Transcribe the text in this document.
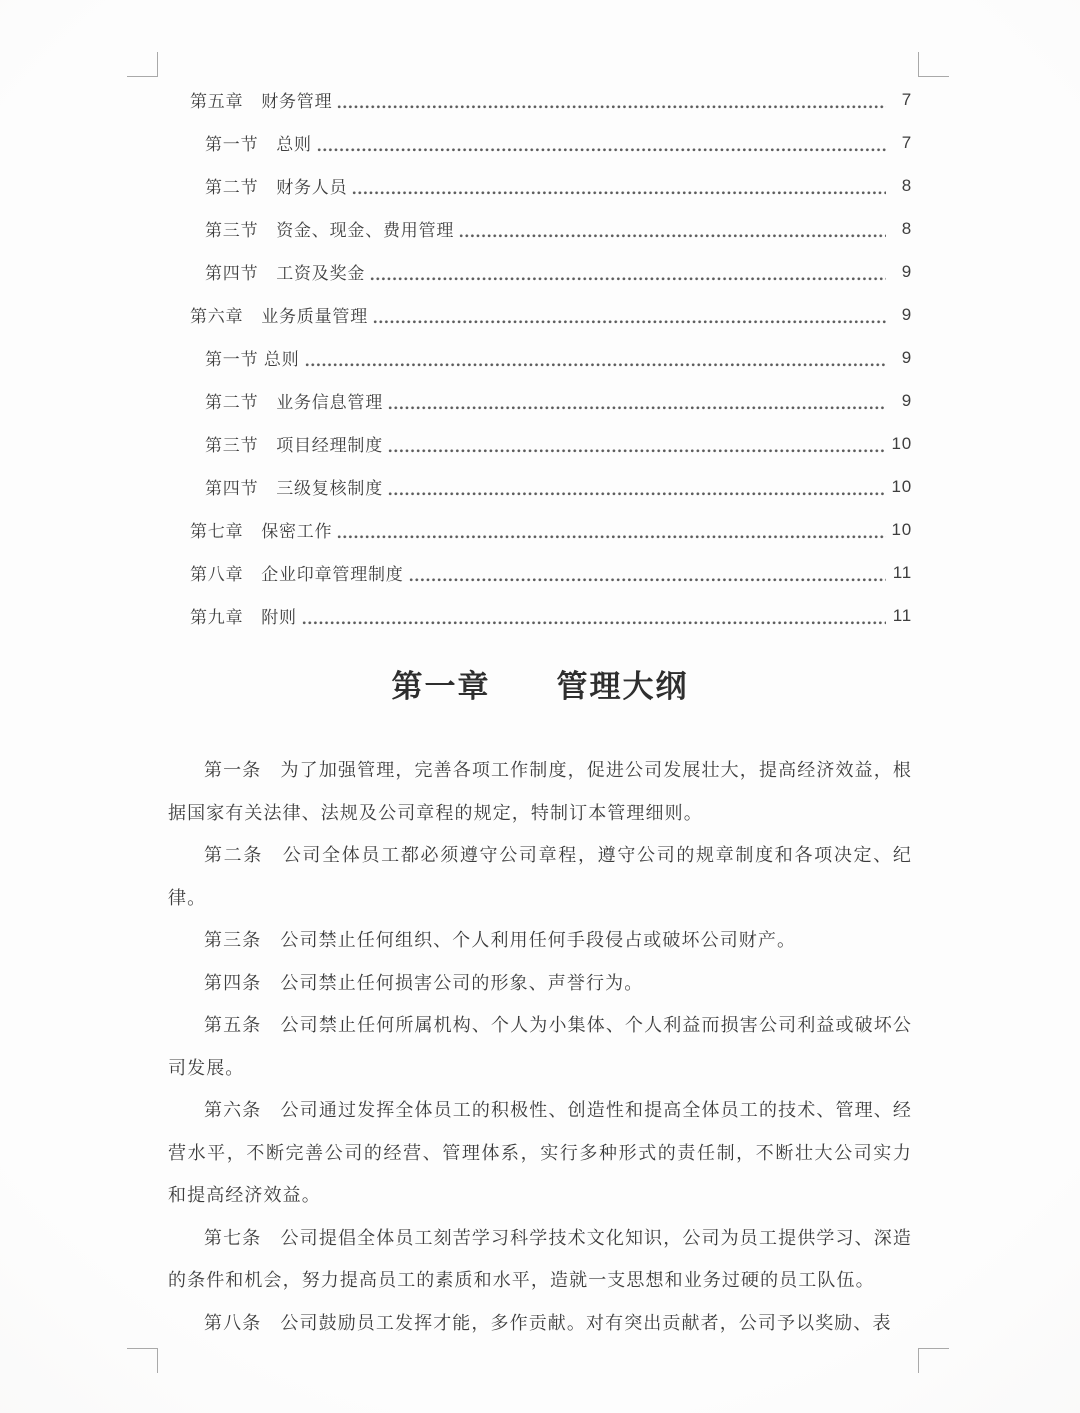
第五章　财务管理	7
第一节　总则	7
第二节　财务人员	8
第三节　资金、现金、费用管理	8
第四节　工资及奖金	9
第六章　业务质量管理	9
第一节 总则	9
第二节　业务信息管理	9
第三节　项目经理制度	10
第四节　三级复核制度	10
第七章　保密工作	10
第八章　企业印章管理制度	11
第九章　附则	11
第一章　　管理大纲

第一条　为了加强管理，完善各项工作制度，促进公司发展壮大，提高经济效益，根据国家有关法律、法规及公司章程的规定，特制订本管理细则。

第二条　公司全体员工都必须遵守公司章程，遵守公司的规章制度和各项决定、纪律。

第三条　公司禁止任何组织、个人利用任何手段侵占或破坏公司财产。

第四条　公司禁止任何损害公司的形象、声誉行为。

第五条　公司禁止任何所属机构、个人为小集体、个人利益而损害公司利益或破坏公司发展。

第六条　公司通过发挥全体员工的积极性、创造性和提高全体员工的技术、管理、经营水平，不断完善公司的经营、管理体系，实行多种形式的责任制，不断壮大公司实力和提高经济效益。

第七条　公司提倡全体员工刻苦学习科学技术文化知识，公司为员工提供学习、深造的条件和机会，努力提高员工的素质和水平，造就一支思想和业务过硬的员工队伍。

第八条　公司鼓励员工发挥才能，多作贡献。对有突出贡献者，公司予以奖励、表
